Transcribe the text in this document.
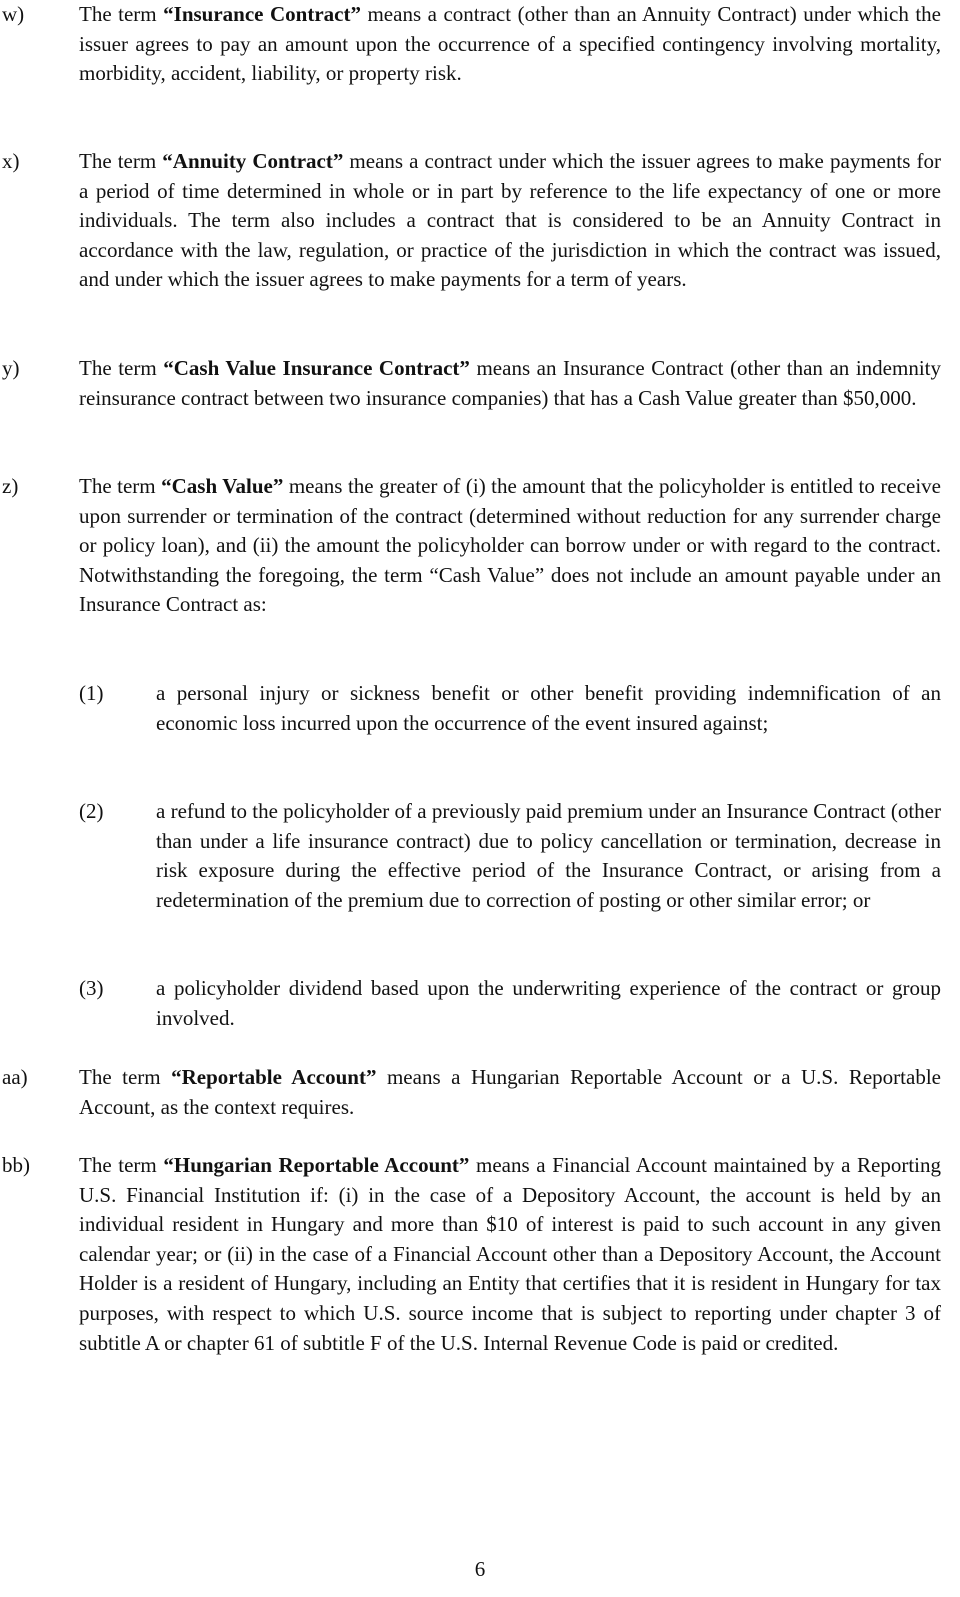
w)	The term “Insurance Contract” means a contract (other than an Annuity Contract) under which the issuer agrees to pay an amount upon the occurrence of a specified contingency involving mortality, morbidity, accident, liability, or property risk.
x)	The term “Annuity Contract” means a contract under which the issuer agrees to make payments for a period of time determined in whole or in part by reference to the life expectancy of one or more individuals. The term also includes a contract that is considered to be an Annuity Contract in accordance with the law, regulation, or practice of the jurisdiction in which the contract was issued, and under which the issuer agrees to make payments for a term of years.
y)	The term “Cash Value Insurance Contract” means an Insurance Contract (other than an indemnity reinsurance contract between two insurance companies) that has a Cash Value greater than $50,000.
z)	The term “Cash Value” means the greater of (i) the amount that the policyholder is entitled to receive upon surrender or termination of the contract (determined without reduction for any surrender charge or policy loan), and (ii) the amount the policyholder can borrow under or with regard to the contract. Notwithstanding the foregoing, the term “Cash Value” does not include an amount payable under an Insurance Contract as:
(1)	a personal injury or sickness benefit or other benefit providing indemnification of an economic loss incurred upon the occurrence of the event insured against;
(2)	a refund to the policyholder of a previously paid premium under an Insurance Contract (other than under a life insurance contract) due to policy cancellation or termination, decrease in risk exposure during the effective period of the Insurance Contract, or arising from a redetermination of the premium due to correction of posting or other similar error; or
(3)	a policyholder dividend based upon the underwriting experience of the contract or group involved.
aa) The term “Reportable Account” means a Hungarian Reportable Account or a U.S. Reportable Account, as the context requires.
bb) The term “Hungarian Reportable Account” means a Financial Account maintained by a Reporting U.S. Financial Institution if: (i) in the case of a Depository Account, the account is held by an individual resident in Hungary and more than $10 of interest is paid to such account in any given calendar year; or (ii) in the case of a Financial Account other than a Depository Account, the Account Holder is a resident of Hungary, including an Entity that certifies that it is resident in Hungary for tax purposes, with respect to which U.S. source income that is subject to reporting under chapter 3 of subtitle A or chapter 61 of subtitle F of the U.S. Internal Revenue Code is paid or credited.
6
